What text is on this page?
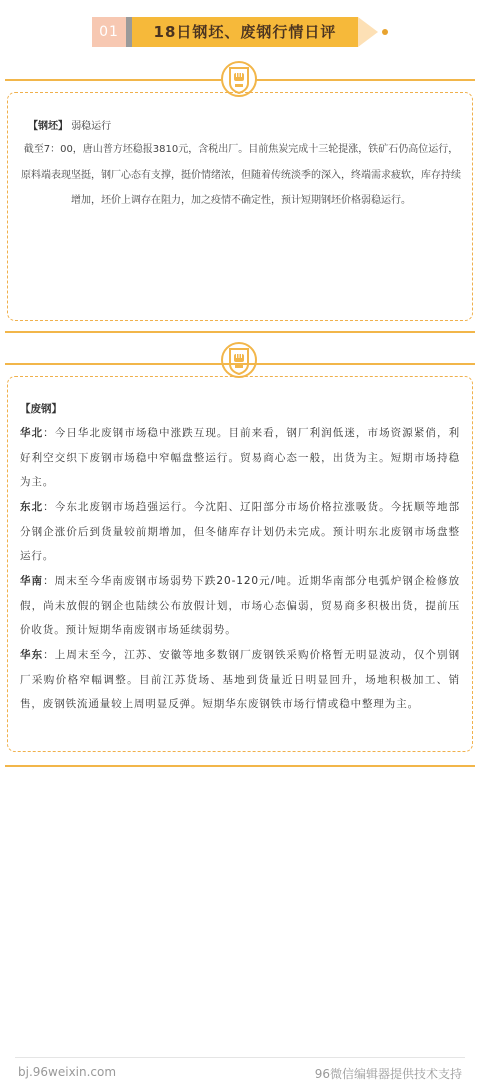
01	18日钢坯、废钢行情日评
【钢坯】 弱稳运行
截至7：00，唐山普方坯稳报3810元，含税出厂。目前焦炭完成十三轮提涨，铁矿石仍高位运行，原料端表现坚挺，钢厂心态有支撑，挺价情绪浓，但随着传统淡季的深入，终端需求疲软，库存持续增加，坯价上调存在阻力，加之疫情不确定性，预计短期钢坯价格弱稳运行。
【废钢】
华北：今日华北废钢市场稳中涨跌互现。目前来看，钢厂利润低迷，市场资源紧俏，利好利空交织下废钢市场稳中窄幅盘整运行。贸易商心态一般，出货为主。短期市场持稳为主。
东北：今东北废钢市场趋强运行。今沈阳、辽阳部分市场价格拉涨吸货。今抚顺等地部分钢企涨价后到货量较前期增加，但冬储库存计划仍未完成。预计明东北废钢市场盘整运行。
华南：周末至今华南废钢市场弱势下跌20-120元/吨。近期华南部分电弧炉钢企检修放假，尚未放假的钢企也陆续公布放假计划，市场心态偏弱，贸易商多积极出货，提前压价收货。预计短期华南废钢市场延续弱势。
华东：上周末至今，江苏、安徽等地多数钢厂废钢铁采购价格暂无明显波动，仅个别钢厂采购价格窄幅调整。目前江苏货场、基地到货量近日明显回升，场地积极加工、销售，废钢铁流通量较上周明显反弹。短期华东废钢铁市场行情或稳中整理为主。
bj.96weixin.com	96微信编辑器提供技术支持
